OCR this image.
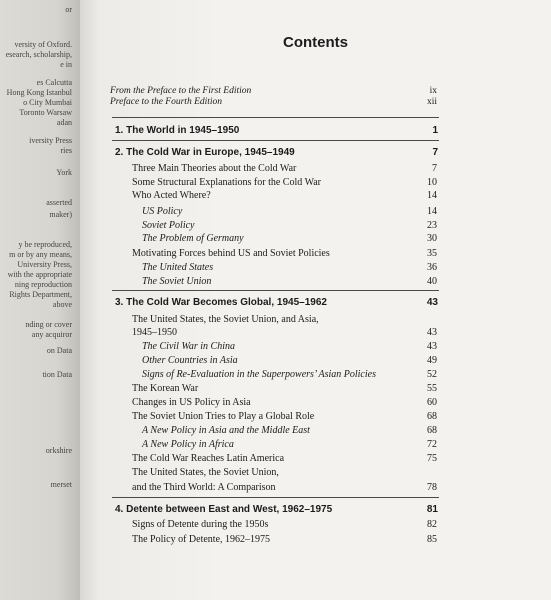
or
versity of Oxford.
esearch, scholarship,
e in
es Calcutta
Hong Kong Istanbul
o City Mumbai
Toronto Warsaw
adan
iversity Press
ries
York
asserted
maker)
y be reproduced,
m or by any means,
University Press,
with the appropriate
ning reproduction
Rights Department,
above
nding or cover
any acquiror
on Data
tion Data
orkshire
merset
Contents
From the Preface to the First Edition	ix
Preface to the Fourth Edition	xii
1. The World in 1945–1950	1
2. The Cold War in Europe, 1945–1949	7
Three Main Theories about the Cold War	7
Some Structural Explanations for the Cold War	10
Who Acted Where?	14
US Policy	14
Soviet Policy	23
The Problem of Germany	30
Motivating Forces behind US and Soviet Policies	35
The United States	36
The Soviet Union	40
3. The Cold War Becomes Global, 1945–1962	43
The United States, the Soviet Union, and Asia,
1945–1950	43
The Civil War in China	43
Other Countries in Asia	49
Signs of Re-Evaluation in the Superpowers’ Asian Policies	52
The Korean War	55
Changes in US Policy in Asia	60
The Soviet Union Tries to Play a Global Role	68
A New Policy in Asia and the Middle East	68
A New Policy in Africa	72
The Cold War Reaches Latin America	75
The United States, the Soviet Union,
and the Third World: A Comparison	78
4. Detente between East and West, 1962–1975	81
Signs of Detente during the 1950s	82
The Policy of Detente, 1962–1975	85
